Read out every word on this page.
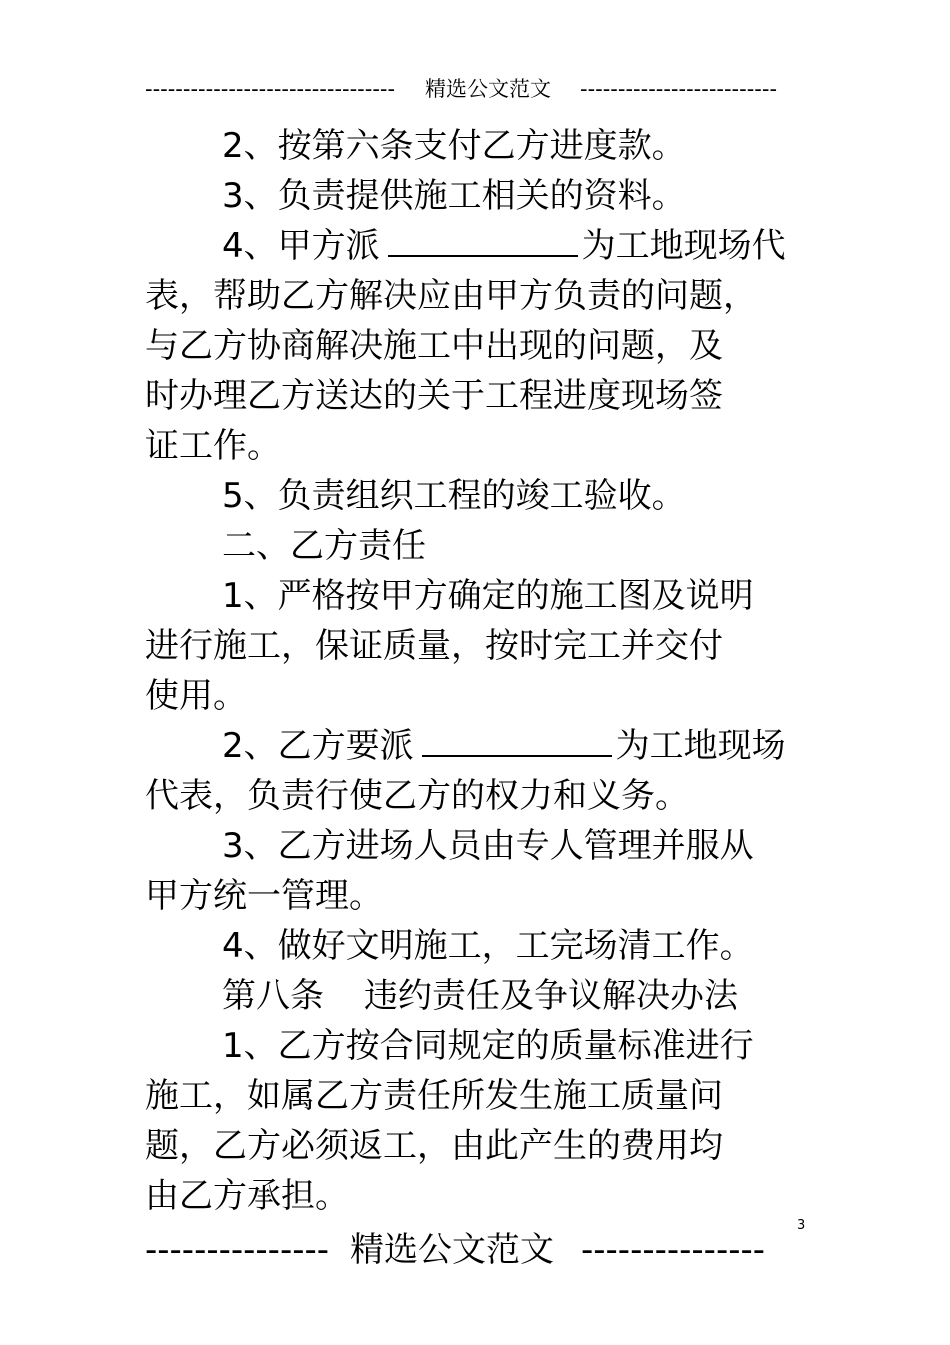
--------------------------------- 精选公文范文 --------------------------
2、按第六条支付乙方进度款。
3、负责提供施工相关的资料。
4、甲方派	为工地现场代
表，帮助乙方解决应由甲方负责的问题，
与乙方协商解决施工中出现的问题，及
时办理乙方送达的关于工程进度现场签
证工作。
5、负责组织工程的竣工验收。
二、乙方责任
1、严格按甲方确定的施工图及说明
进行施工，保证质量，按时完工并交付
使用。
2、乙方要派	为工地现场
代表，负责行使乙方的权力和义务。
3、乙方进场人员由专人管理并服从
甲方统一管理。
4、做好文明施工，工完场清工作。
第八条 违约责任及争议解决办法
1、乙方按合同规定的质量标准进行
施工，如属乙方责任所发生施工质量问
题，乙方必须返工，由此产生的费用均
由乙方承担。
3
--------------- 精选公文范文 ---------------
